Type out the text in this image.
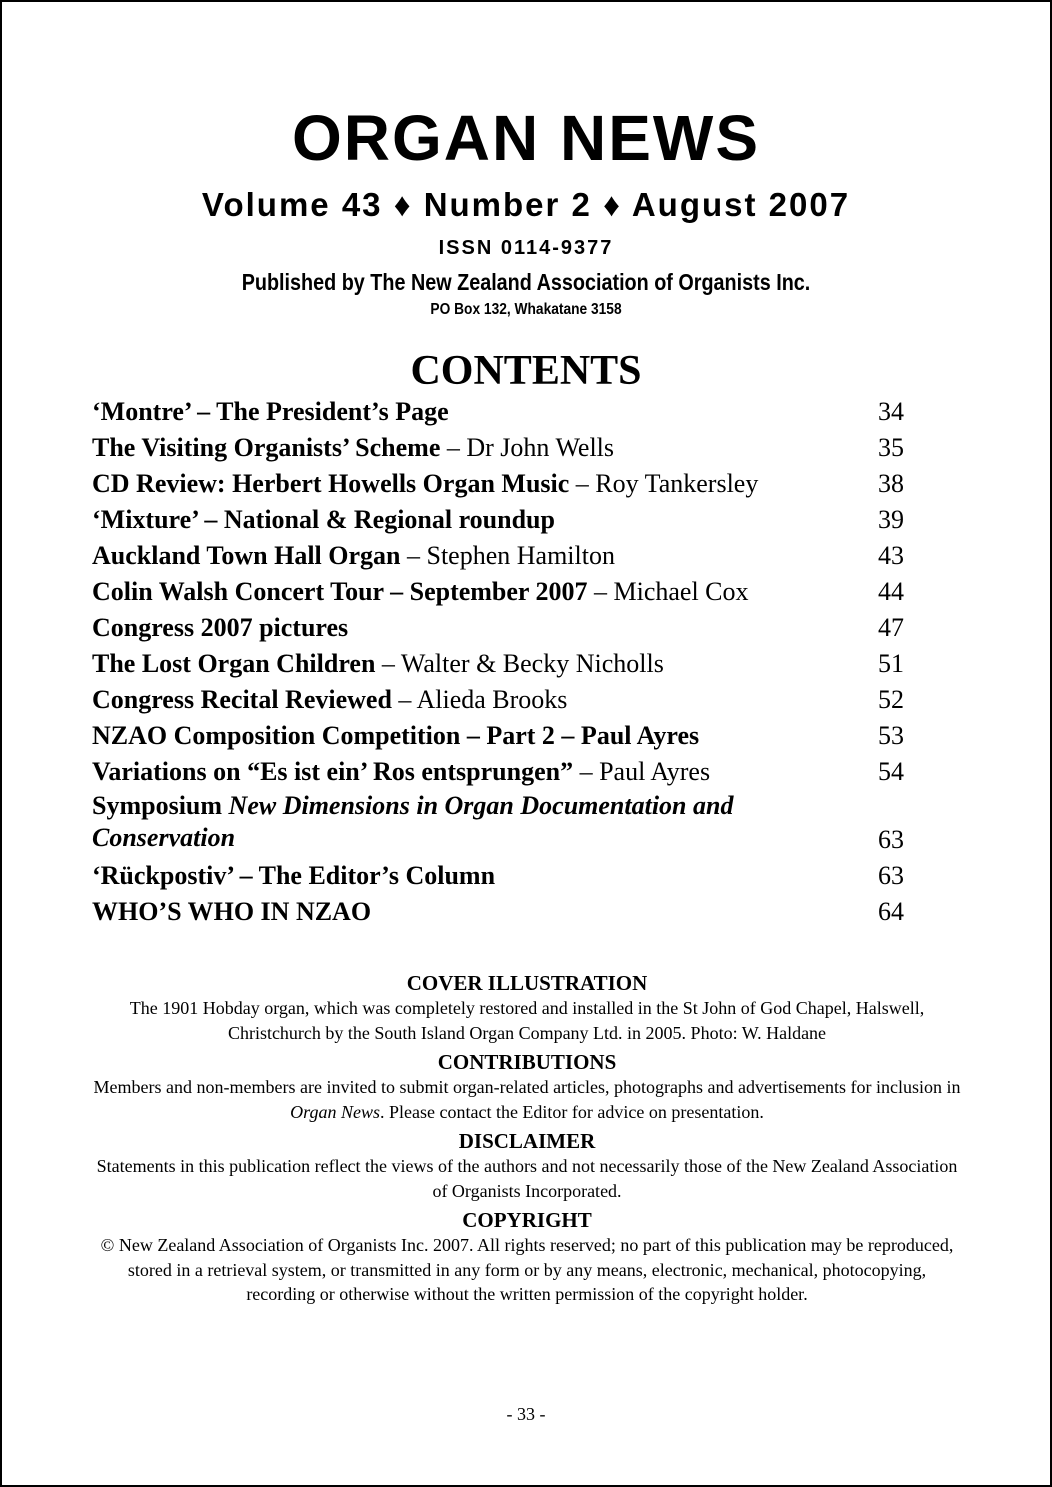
ORGAN NEWS
Volume 43 ♦ Number 2 ♦ August 2007
ISSN 0114-9377
Published by The New Zealand Association of Organists Inc.
PO Box 132, Whakatane 3158
CONTENTS
‘Montre’ – The President’s Page	34
The Visiting Organists’ Scheme – Dr John Wells	35
CD Review: Herbert Howells Organ Music – Roy Tankersley	38
‘Mixture’ – National & Regional roundup	39
Auckland Town Hall Organ – Stephen Hamilton	43
Colin Walsh Concert Tour – September 2007 – Michael Cox	44
Congress 2007 pictures	47
The Lost Organ Children – Walter & Becky Nicholls	51
Congress Recital Reviewed – Alieda Brooks	52
NZAO Composition Competition – Part 2 – Paul Ayres	53
Variations on “Es ist ein’ Ros entsprungen” – Paul Ayres	54
Symposium New Dimensions in Organ Documentation and Conservation	63
‘Rückpostiv’ – The Editor’s Column	63
WHO’S WHO IN NZAO	64
COVER ILLUSTRATION
The 1901 Hobday organ, which was completely restored and installed in the St John of God Chapel, Halswell, Christchurch by the South Island Organ Company Ltd. in 2005. Photo: W. Haldane
CONTRIBUTIONS
Members and non-members are invited to submit organ-related articles, photographs and advertisements for inclusion in Organ News. Please contact the Editor for advice on presentation.
DISCLAIMER
Statements in this publication reflect the views of the authors and not necessarily those of the New Zealand Association of Organists Incorporated.
COPYRIGHT
© New Zealand Association of Organists Inc. 2007. All rights reserved; no part of this publication may be reproduced, stored in a retrieval system, or transmitted in any form or by any means, electronic, mechanical, photocopying, recording or otherwise without the written permission of the copyright holder.
- 33 -
